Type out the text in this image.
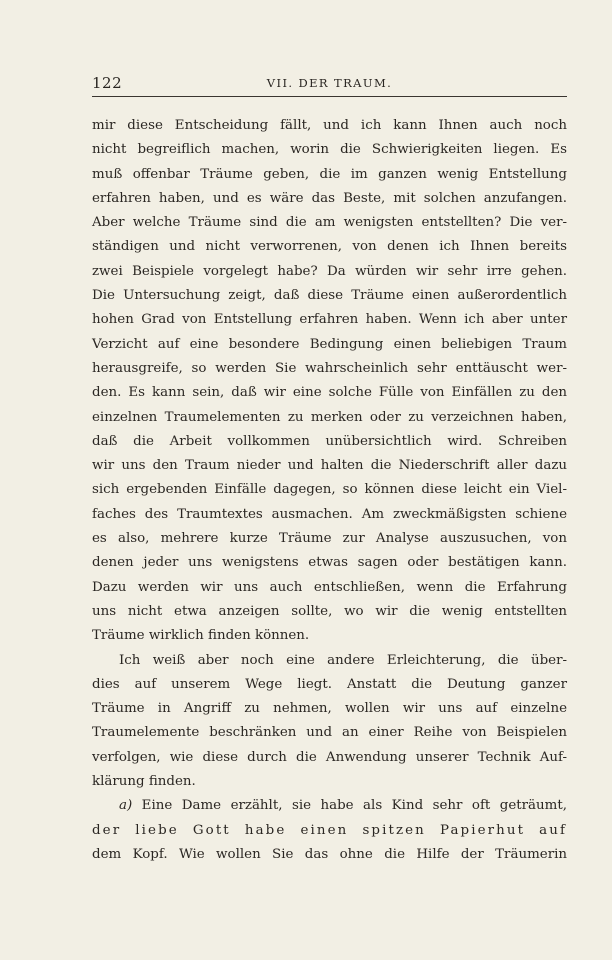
122	VII. DER TRAUM.
mir diese Entscheidung fällt, und ich kann Ihnen auch noch
nicht begreiflich machen, worin die Schwierigkeiten liegen. Es
muß offenbar Träume geben, die im ganzen wenig Entstellung
erfahren haben, und es wäre das Beste, mit solchen anzufangen.
Aber welche Träume sind die am wenigsten entstellten? Die ver-
ständigen und nicht verworrenen, von denen ich Ihnen bereits
zwei Beispiele vorgelegt habe? Da würden wir sehr irre gehen.
Die Untersuchung zeigt, daß diese Träume einen außerordentlich
hohen Grad von Entstellung erfahren haben. Wenn ich aber unter
Verzicht auf eine besondere Bedingung einen beliebigen Traum
herausgreife, so werden Sie wahrscheinlich sehr enttäuscht wer-
den. Es kann sein, daß wir eine solche Fülle von Einfällen zu den
einzelnen Traumelementen zu merken oder zu verzeichnen haben,
daß die Arbeit vollkommen unübersichtlich wird. Schreiben
wir uns den Traum nieder und halten die Niederschrift aller dazu
sich ergebenden Einfälle dagegen, so können diese leicht ein Viel-
faches des Traumtextes ausmachen. Am zweckmäßigsten schiene
es also, mehrere kurze Träume zur Analyse auszusuchen, von
denen jeder uns wenigstens etwas sagen oder bestätigen kann.
Dazu werden wir uns auch entschließen, wenn die Erfahrung
uns nicht etwa anzeigen sollte, wo wir die wenig entstellten
Träume wirklich finden können.
Ich weiß aber noch eine andere Erleichterung, die über-
dies auf unserem Wege liegt. Anstatt die Deutung ganzer
Träume in Angriff zu nehmen, wollen wir uns auf einzelne
Traumelemente beschränken und an einer Reihe von Beispielen
verfolgen, wie diese durch die Anwendung unserer Technik Auf-
klärung finden.
a) Eine Dame erzählt, sie habe als Kind sehr oft geträumt,
der liebe Gott habe einen spitzen Papierhut auf
dem Kopf. Wie wollen Sie das ohne die Hilfe der Träumerin
